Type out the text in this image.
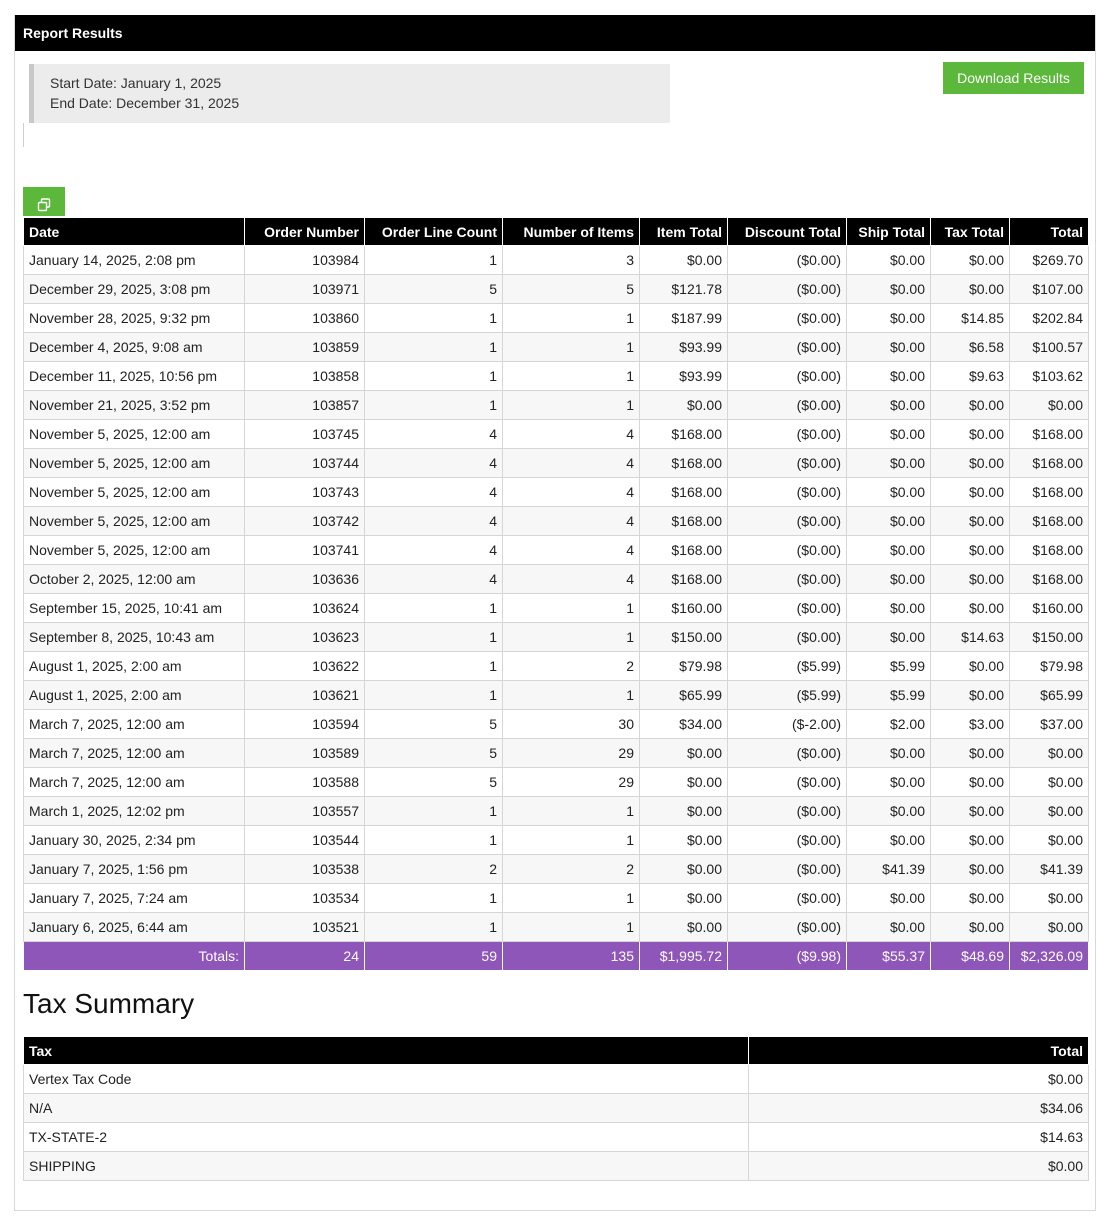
Report Results
Start Date: January 1, 2025
End Date: December 31, 2025
Download Results
Date	Order Number	Order Line Count	Number of Items	Item Total	Discount Total	Ship Total	Tax Total	Total
January 14, 2025, 2:08 pm	103984	1	3	$0.00	($0.00)	$0.00	$0.00	$269.70
December 29, 2025, 3:08 pm	103971	5	5	$121.78	($0.00)	$0.00	$0.00	$107.00
November 28, 2025, 9:32 pm	103860	1	1	$187.99	($0.00)	$0.00	$14.85	$202.84
December 4, 2025, 9:08 am	103859	1	1	$93.99	($0.00)	$0.00	$6.58	$100.57
December 11, 2025, 10:56 pm	103858	1	1	$93.99	($0.00)	$0.00	$9.63	$103.62
November 21, 2025, 3:52 pm	103857	1	1	$0.00	($0.00)	$0.00	$0.00	$0.00
November 5, 2025, 12:00 am	103745	4	4	$168.00	($0.00)	$0.00	$0.00	$168.00
November 5, 2025, 12:00 am	103744	4	4	$168.00	($0.00)	$0.00	$0.00	$168.00
November 5, 2025, 12:00 am	103743	4	4	$168.00	($0.00)	$0.00	$0.00	$168.00
November 5, 2025, 12:00 am	103742	4	4	$168.00	($0.00)	$0.00	$0.00	$168.00
November 5, 2025, 12:00 am	103741	4	4	$168.00	($0.00)	$0.00	$0.00	$168.00
October 2, 2025, 12:00 am	103636	4	4	$168.00	($0.00)	$0.00	$0.00	$168.00
September 15, 2025, 10:41 am	103624	1	1	$160.00	($0.00)	$0.00	$0.00	$160.00
September 8, 2025, 10:43 am	103623	1	1	$150.00	($0.00)	$0.00	$14.63	$150.00
August 1, 2025, 2:00 am	103622	1	2	$79.98	($5.99)	$5.99	$0.00	$79.98
August 1, 2025, 2:00 am	103621	1	1	$65.99	($5.99)	$5.99	$0.00	$65.99
March 7, 2025, 12:00 am	103594	5	30	$34.00	($-2.00)	$2.00	$3.00	$37.00
March 7, 2025, 12:00 am	103589	5	29	$0.00	($0.00)	$0.00	$0.00	$0.00
March 7, 2025, 12:00 am	103588	5	29	$0.00	($0.00)	$0.00	$0.00	$0.00
March 1, 2025, 12:02 pm	103557	1	1	$0.00	($0.00)	$0.00	$0.00	$0.00
January 30, 2025, 2:34 pm	103544	1	1	$0.00	($0.00)	$0.00	$0.00	$0.00
January 7, 2025, 1:56 pm	103538	2	2	$0.00	($0.00)	$41.39	$0.00	$41.39
January 7, 2025, 7:24 am	103534	1	1	$0.00	($0.00)	$0.00	$0.00	$0.00
January 6, 2025, 6:44 am	103521	1	1	$0.00	($0.00)	$0.00	$0.00	$0.00
Totals:	24	59	135	$1,995.72	($9.98)	$55.37	$48.69	$2,326.09
Tax Summary
Tax	Total
Vertex Tax Code	$0.00
N/A	$34.06
TX-STATE-2	$14.63
SHIPPING	$0.00
